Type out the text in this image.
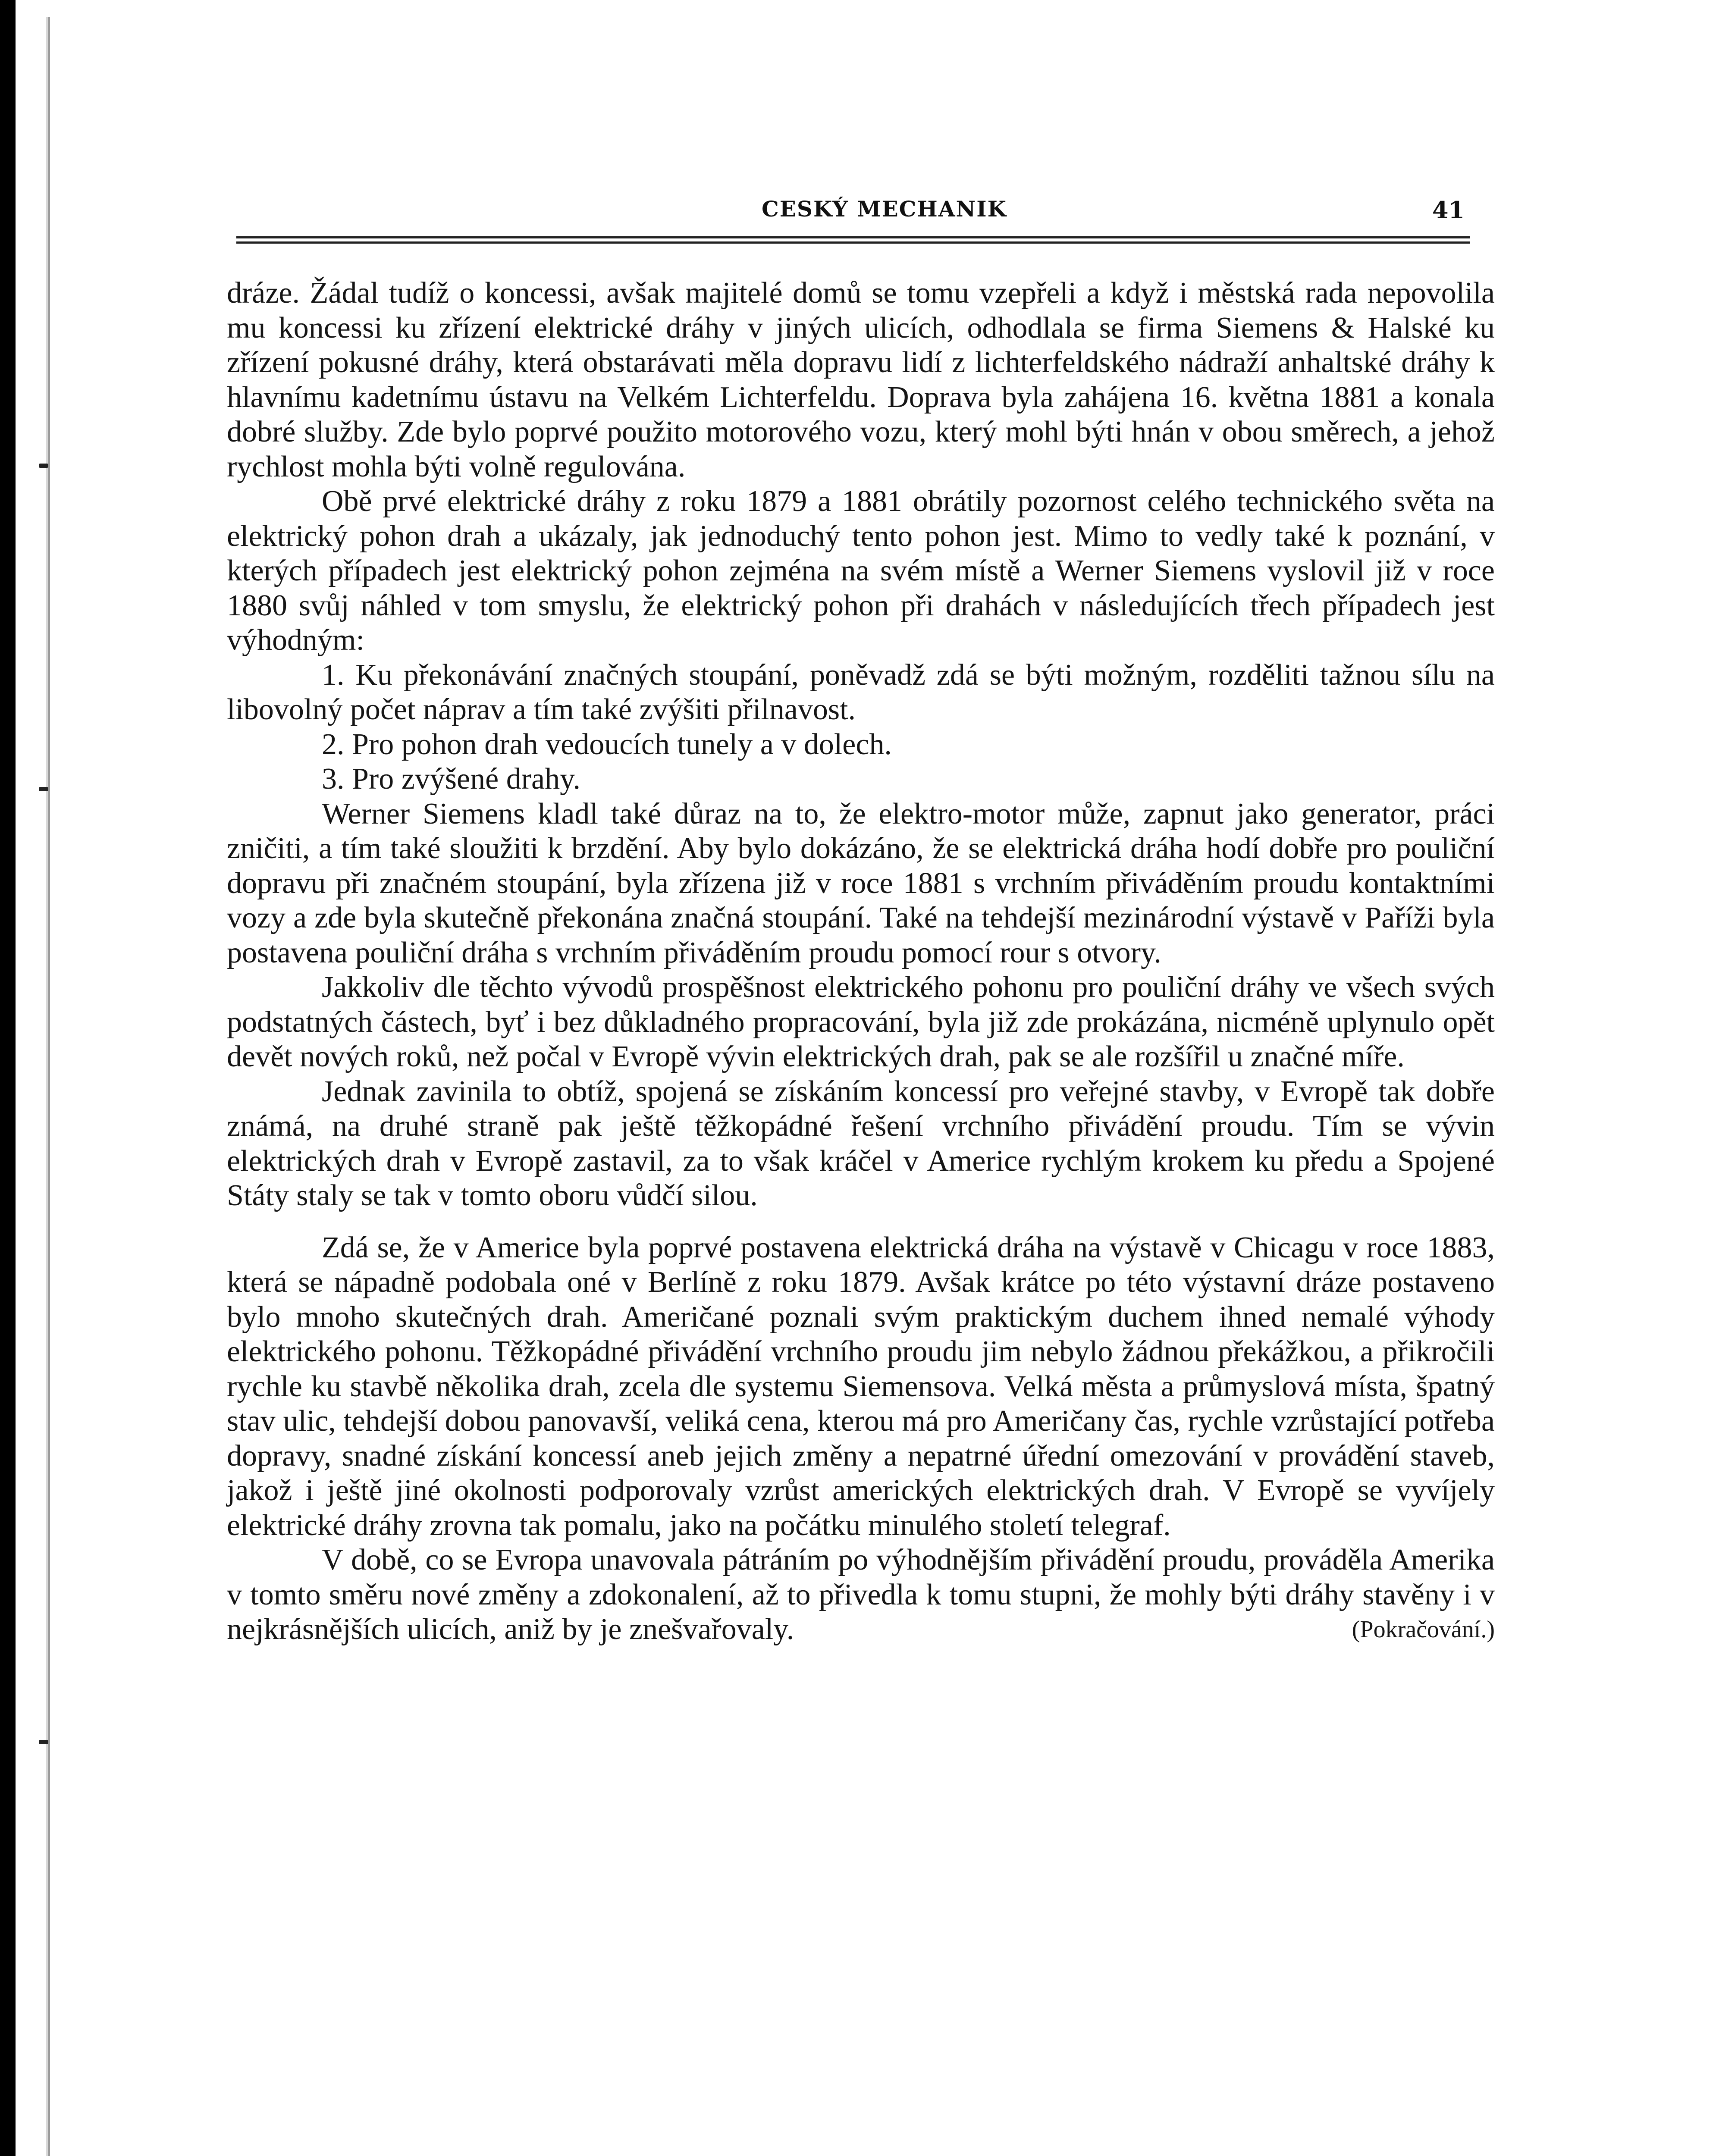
CESKÝ MECHANIK	41

dráze. Žádal tudíž o koncessi, avšak majitelé domů se tomu vzepřeli a když i městská rada nepovolila mu koncessi ku zřízení elektrické dráhy v jiných ulicích, odhodlala se firma Siemens & Halské ku zřízení pokusné dráhy, která obstarávati měla dopravu lidí z lichterfeldského nádraží anhaltské dráhy k hlavnímu kadetnímu ústavu na Velkém Lichterfeldu. Doprava byla zahájena 16. května 1881 a konala dobré služby. Zde bylo poprvé použito motorového vozu, který mohl býti hnán v obou směrech, a jehož rychlost mohla býti volně regulována.

Obě prvé elektrické dráhy z roku 1879 a 1881 obrátily pozornost celého technického světa na elektrický pohon drah a ukázaly, jak jednoduchý tento pohon jest. Mimo to vedly také k poznání, v kterých případech jest elektrický pohon zejména na svém místě a Werner Siemens vyslovil již v roce 1880 svůj náhled v tom smyslu, že elektrický pohon při drahách v následujících třech případech jest výhodným:

1. Ku překonávání značných stoupání, poněvadž zdá se býti možným, rozděliti tažnou sílu na libovolný počet náprav a tím také zvýšiti přilnavost.

2. Pro pohon drah vedoucích tunely a v dolech.

3. Pro zvýšené drahy.

Werner Siemens kladl také důraz na to, že elektro-motor může, zapnut jako generator, práci zničiti, a tím také sloužiti k brzdění. Aby bylo dokázáno, že se elektrická dráha hodí dobře pro pouliční dopravu při značném stoupání, byla zřízena již v roce 1881 s vrchním přiváděním proudu kontaktními vozy a zde byla skutečně překonána značná stoupání. Také na tehdejší mezinárodní výstavě v Paříži byla postavena pouliční dráha s vrchním přiváděním proudu pomocí rour s otvory.

Jakkoliv dle těchto vývodů prospěšnost elektrického pohonu pro pouliční dráhy ve všech svých podstatných částech, byť i bez důkladného propracování, byla již zde prokázána, nicméně uplynulo opět devět nových roků, než počal v Evropě vývin elektrických drah, pak se ale rozšířil u značné míře.

Jednak zavinila to obtíž, spojená se získáním koncessí pro veřejné stavby, v Evropě tak dobře známá, na druhé straně pak ještě těžkopádné řešení vrchního přivádění proudu. Tím se vývin elektrických drah v Evropě zastavil, za to však kráčel v Americe rychlým krokem ku předu a Spojené Státy staly se tak v tomto oboru vůdčí silou.

Zdá se, že v Americe byla poprvé postavena elektrická dráha na výstavě v Chicagu v roce 1883, která se nápadně podobala oné v Berlíně z roku 1879. Avšak krátce po této výstavní dráze postaveno bylo mnoho skutečných drah. Američané poznali svým praktickým duchem ihned nemalé výhody elektrického pohonu. Těžkopádné přivádění vrchního proudu jim nebylo žádnou překážkou, a přikročili rychle ku stavbě několika drah, zcela dle systemu Siemensova. Velká města a průmyslová místa, špatný stav ulic, tehdejší dobou panovavší, veliká cena, kterou má pro Američany čas, rychle vzrůstající potřeba dopravy, snadné získání koncessí aneb jejich změny a nepatrné úřední omezování v provádění staveb, jakož i ještě jiné okolnosti podporovaly vzrůst amerických elektrických drah. V Evropě se vyvíjely elektrické dráhy zrovna tak pomalu, jako na počátku minulého století telegraf.

V době, co se Evropa unavovala pátráním po výhodnějším přivádění proudu, prováděla Amerika v tomto směru nové změny a zdokonalení, až to přivedla k tomu stupni, že mohly býti dráhy stavěny i v nejkrásnějších ulicích, aniž by je znešvařovaly.	(Pokračování.)
